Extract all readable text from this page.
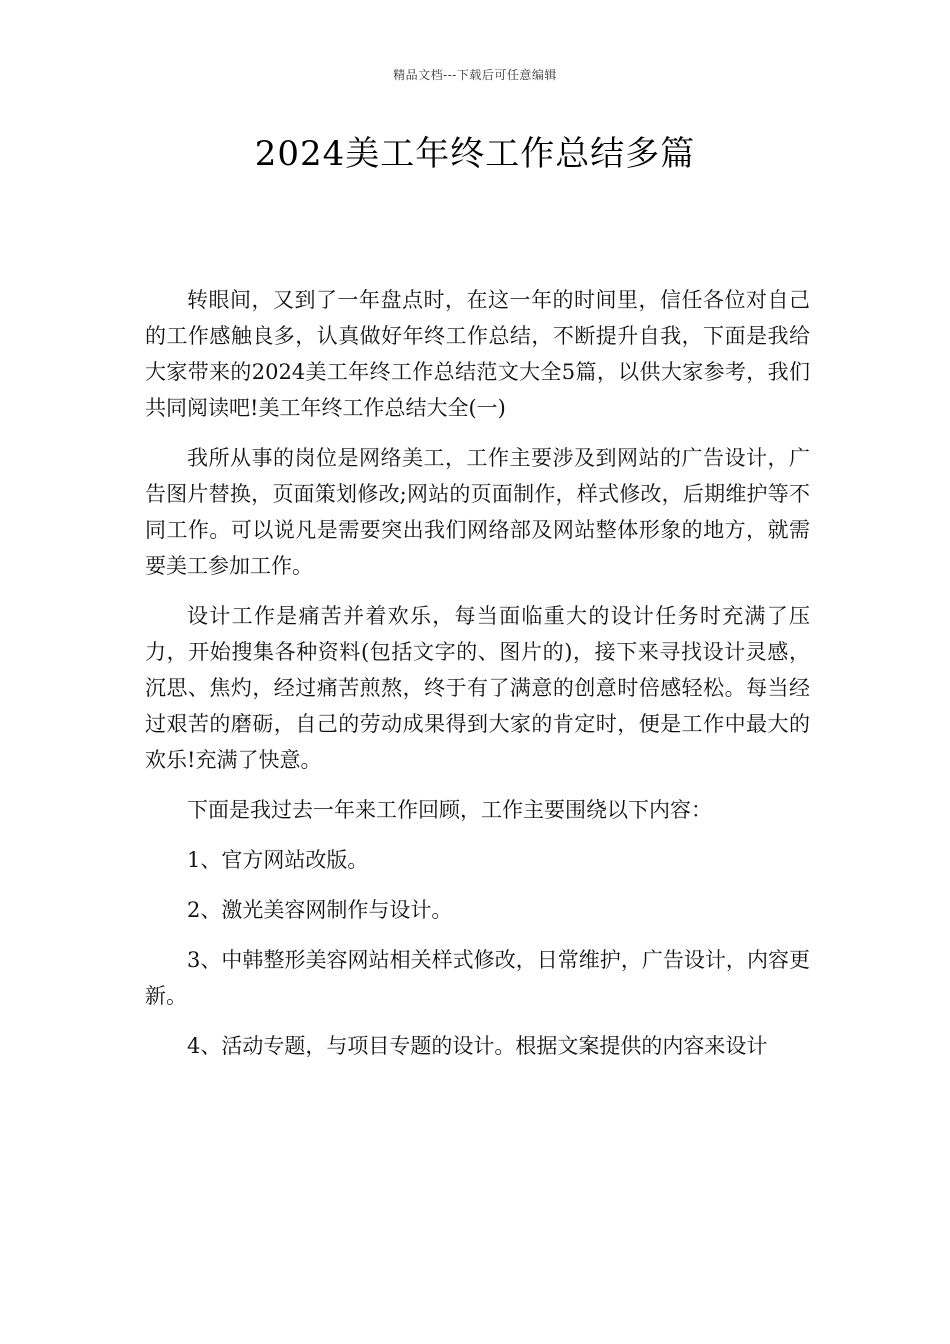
精品文档---下载后可任意编辑
2024美工年终工作总结多篇

转眼间，又到了一年盘点时，在这一年的时间里，信任各位对自己的工作感触良多，认真做好年终工作总结，不断提升自我，下面是我给大家带来的2024美工年终工作总结范文大全5篇，以供大家参考，我们共同阅读吧!美工年终工作总结大全(一)

我所从事的岗位是网络美工，工作主要涉及到网站的广告设计，广告图片替换，页面策划修改;网站的页面制作，样式修改，后期维护等不同工作。可以说凡是需要突出我们网络部及网站整体形象的地方，就需要美工参加工作。

设计工作是痛苦并着欢乐，每当面临重大的设计任务时充满了压力，开始搜集各种资料(包括文字的、图片的)，接下来寻找设计灵感，沉思、焦灼，经过痛苦煎熬，终于有了满意的创意时倍感轻松。每当经过艰苦的磨砺，自己的劳动成果得到大家的肯定时，便是工作中最大的欢乐!充满了快意。

下面是我过去一年来工作回顾，工作主要围绕以下内容：

1、官方网站改版。

2、激光美容网制作与设计。

3、中韩整形美容网站相关样式修改，日常维护，广告设计，内容更新。

4、活动专题，与项目专题的设计。根据文案提供的内容来设计
